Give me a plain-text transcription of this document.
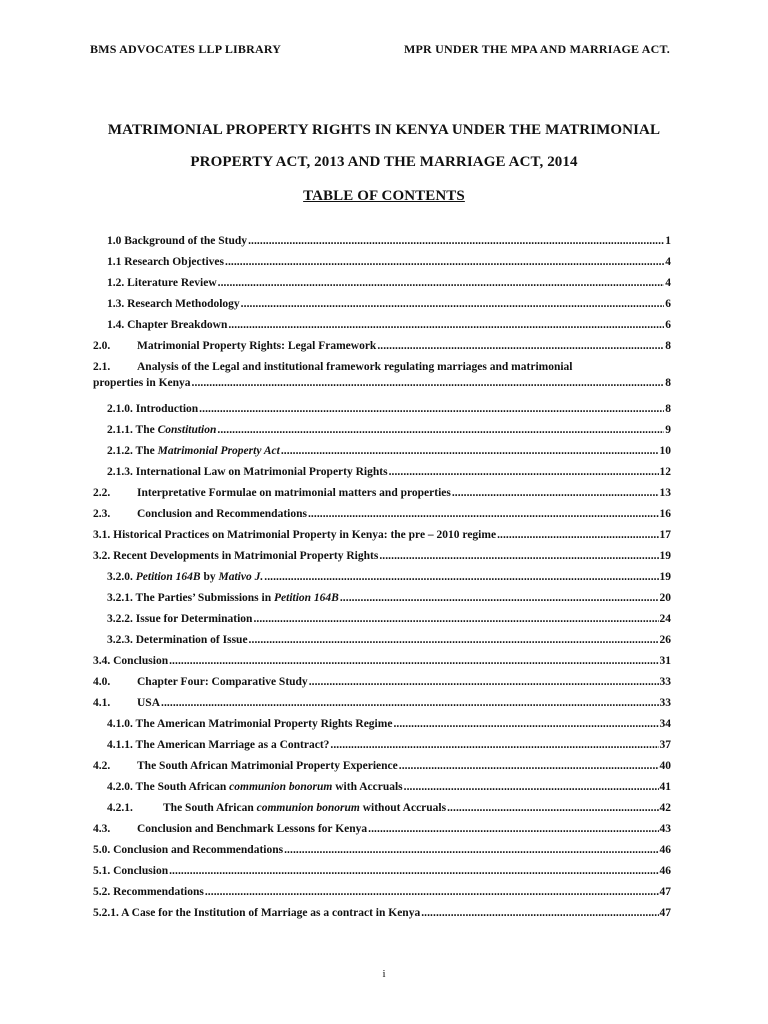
BMS ADVOCATES LLP LIBRARY	MPR UNDER THE MPA AND MARRIAGE ACT.
MATRIMONIAL PROPERTY RIGHTS IN KENYA UNDER THE MATRIMONIAL
PROPERTY ACT, 2013 AND THE MARRIAGE ACT, 2014
TABLE OF CONTENTS
1.0 Background of the Study . . .	1
1.1 Research Objectives . . .	4
1.2. Literature Review . . .	4
1.3. Research Methodology . . .	6
1.4. Chapter Breakdown . . .	6
2.0. Matrimonial Property Rights: Legal Framework . . .	8
2.1. Analysis of the Legal and institutional framework regulating marriages and matrimonial
properties in Kenya . . .	8
2.1.0. Introduction . . .	8
2.1.1. The Constitution . . .	9
2.1.2. The Matrimonial Property Act . . .	10
2.1.3. International Law on Matrimonial Property Rights . . .	12
2.2. Interpretative Formulae on matrimonial matters and properties . . .	13
2.3. Conclusion and Recommendations . . .	16
3.1. Historical Practices on Matrimonial Property in Kenya: the pre – 2010 regime . . .	17
3.2. Recent Developments in Matrimonial Property Rights . . .	19
3.2.0. Petition 164B by Mativo J. . . .	19
3.2.1. The Parties’ Submissions in Petition 164B . . .	20
3.2.2. Issue for Determination . . .	24
3.2.3. Determination of Issue . . .	26
3.4. Conclusion . . .	31
4.0. Chapter Four: Comparative Study . . .	33
4.1. USA . . .	33
4.1.0. The American Matrimonial Property Rights Regime . . .	34
4.1.1. The American Marriage as a Contract? . . .	37
4.2. The South African Matrimonial Property Experience . . .	40
4.2.0. The South African communion bonorum with Accruals . . .	41
4.2.1.	The South African communion bonorum without Accruals . . .	42
4.3. Conclusion and Benchmark Lessons for Kenya . . .	43
5.0. Conclusion and Recommendations . . .	46
5.1. Conclusion . . .	46
5.2. Recommendations . . .	47
5.2.1. A Case for the Institution of Marriage as a contract in Kenya . . .	47
i
